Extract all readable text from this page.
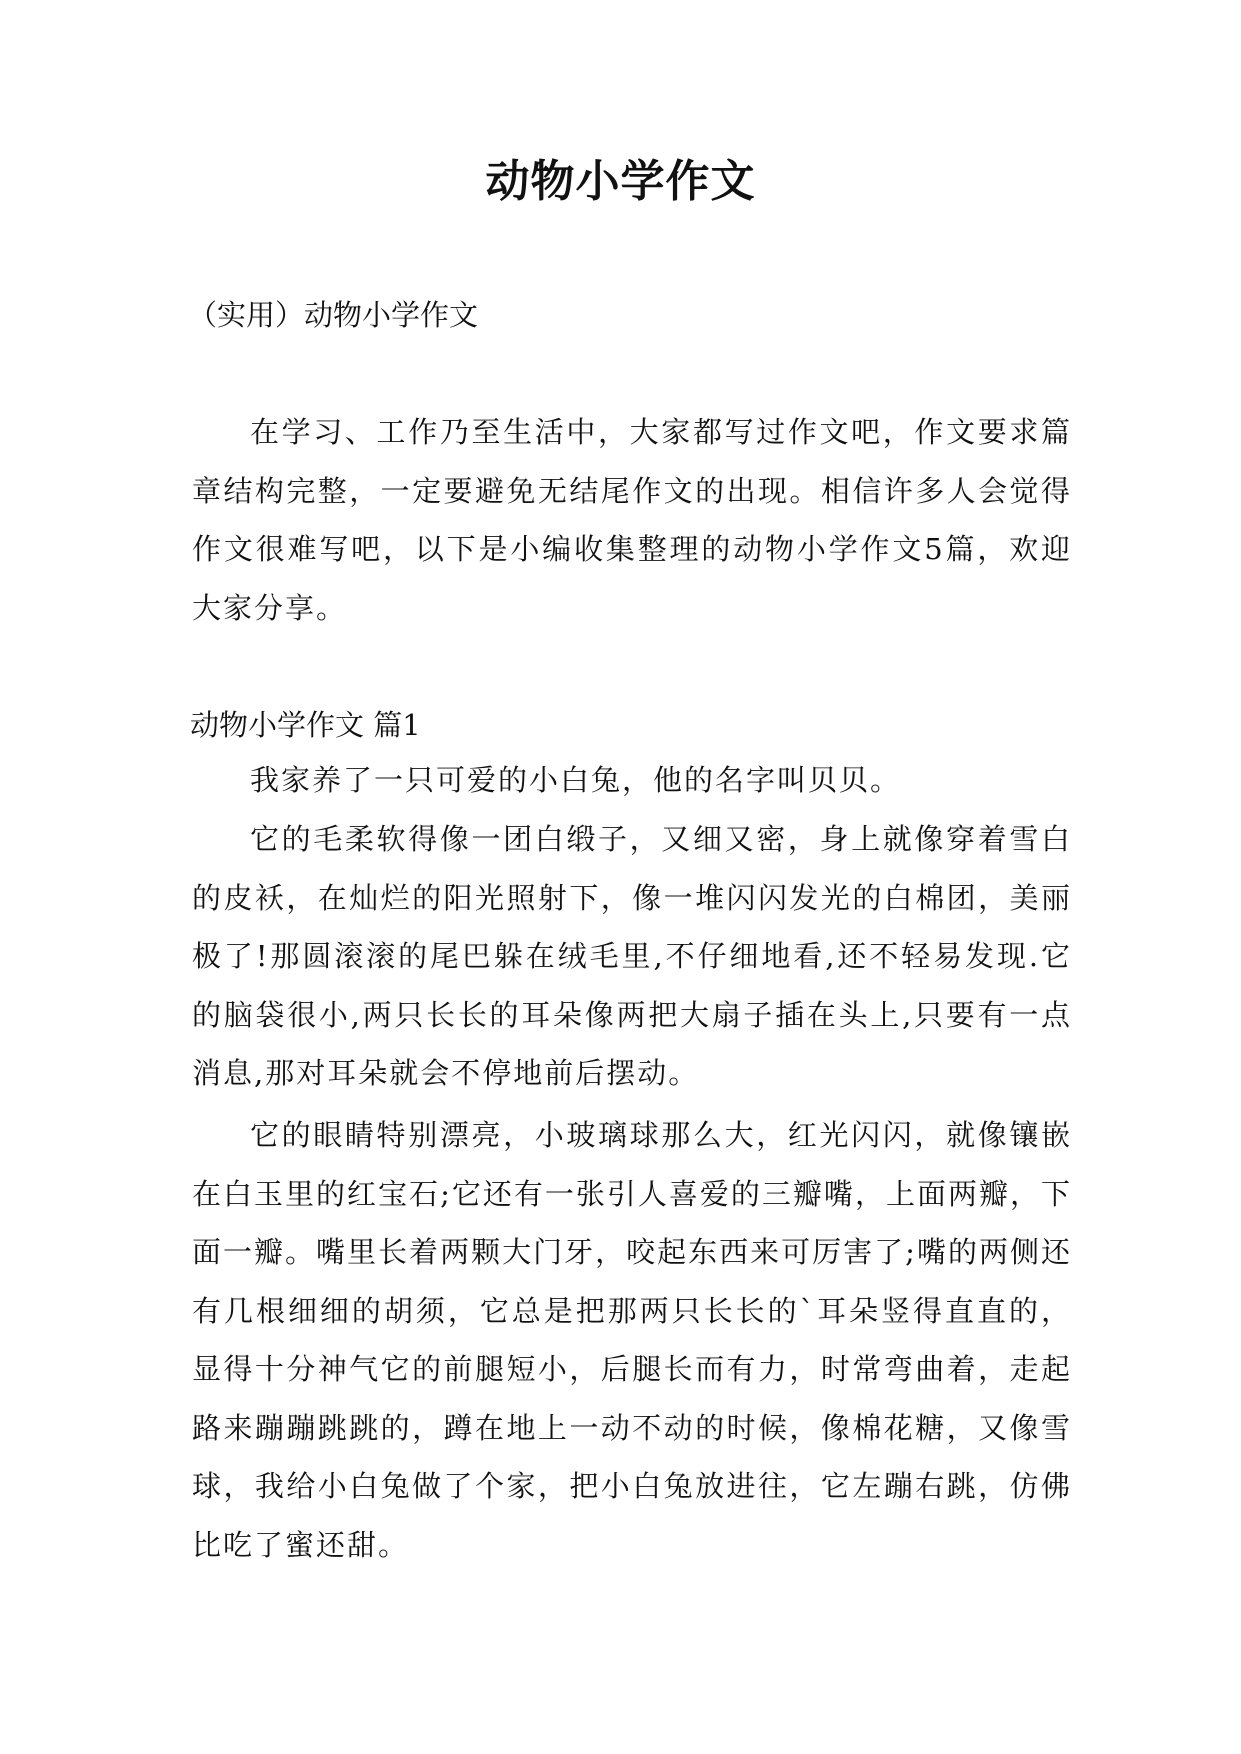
动物小学作文
（实用）动物小学作文
在学习、工作乃至生活中，大家都写过作文吧，作文要求篇章结构完整，一定要避免无结尾作文的出现。相信许多人会觉得作文很难写吧，以下是小编收集整理的动物小学作文5篇，欢迎大家分享。
动物小学作文 篇1
我家养了一只可爱的小白兔，他的名字叫贝贝。
它的毛柔软得像一团白缎子，又细又密，身上就像穿着雪白的皮袄，在灿烂的阳光照射下，像一堆闪闪发光的白棉团，美丽极了!那圆滚滚的尾巴躲在绒毛里,不仔细地看,还不轻易发现.它的脑袋很小,两只长长的耳朵像两把大扇子插在头上,只要有一点消息,那对耳朵就会不停地前后摆动。
它的眼睛特别漂亮，小玻璃球那么大，红光闪闪，就像镶嵌在白玉里的红宝石;它还有一张引人喜爱的三瓣嘴，上面两瓣，下面一瓣。嘴里长着两颗大门牙，咬起东西来可厉害了;嘴的两侧还有几根细细的胡须，它总是把那两只长长的`耳朵竖得直直的，显得十分神气它的前腿短小，后腿长而有力，时常弯曲着，走起路来蹦蹦跳跳的，蹲在地上一动不动的时候，像棉花糖，又像雪球，我给小白兔做了个家，把小白兔放进往，它左蹦右跳，仿佛比吃了蜜还甜。
